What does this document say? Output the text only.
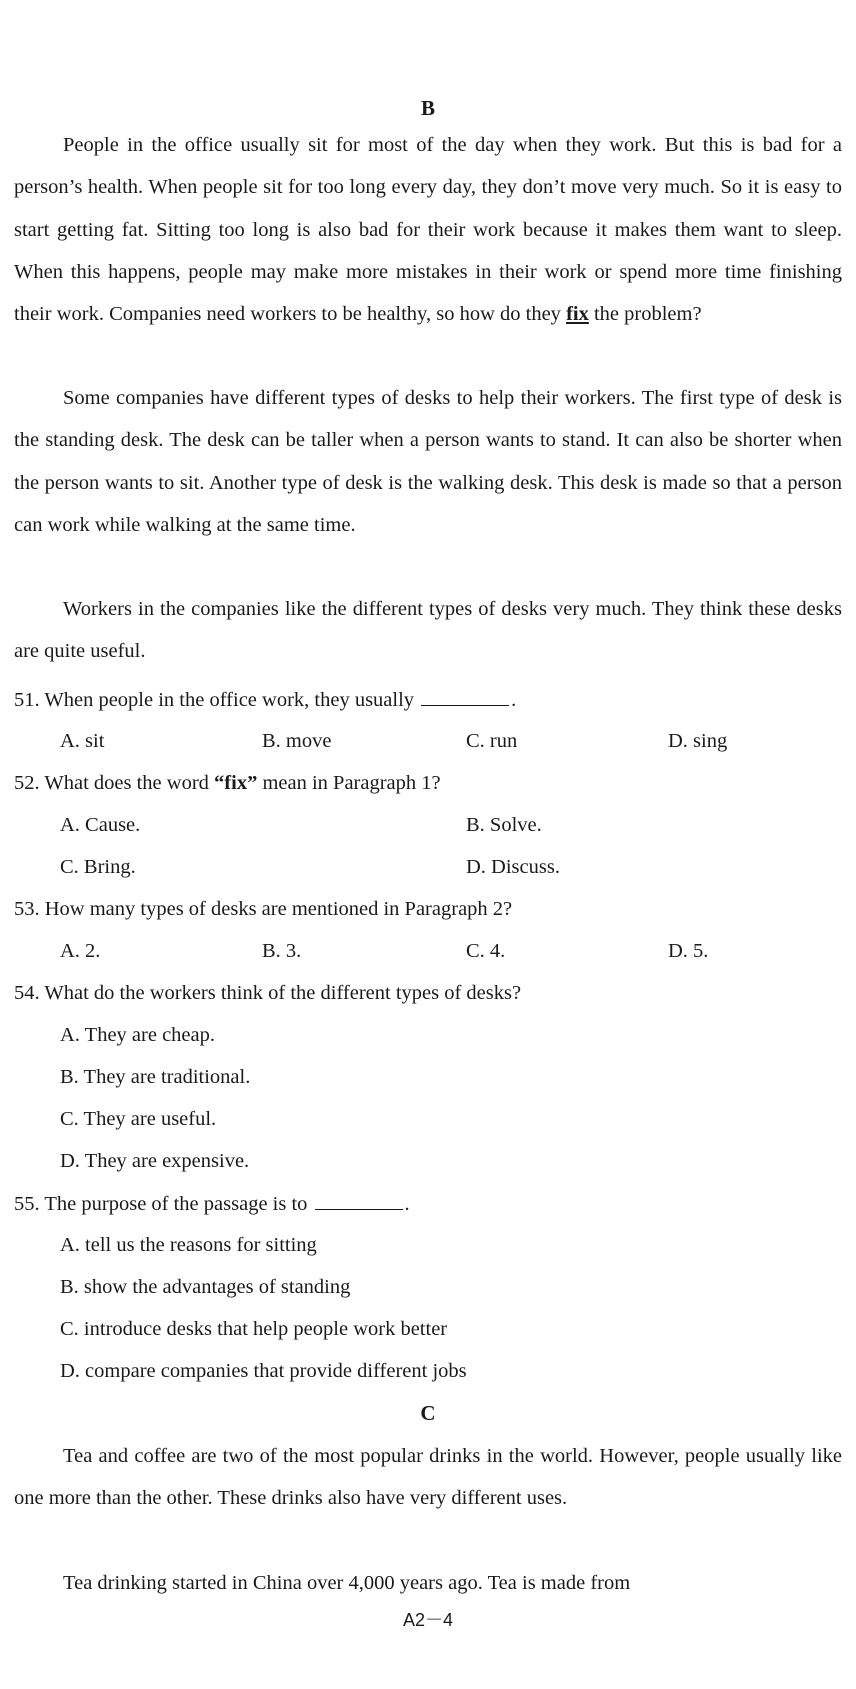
B

People in the office usually sit for most of the day when they work. But this is bad for a person’s health. When people sit for too long every day, they don’t move very much. So it is easy to start getting fat. Sitting too long is also bad for their work because it makes them want to sleep. When this happens, people may make more mistakes in their work or spend more time finishing their work. Companies need workers to be healthy, so how do they fix the problem?

Some companies have different types of desks to help their workers. The first type of desk is the standing desk. The desk can be taller when a person wants to stand. It can also be shorter when the person wants to sit. Another type of desk is the walking desk. This desk is made so that a person can work while walking at the same time.

Workers in the companies like the different types of desks very much. They think these desks are quite useful.

51. When people in the office work, they usually	.
A. sit	B. move	C. run	D. sing
52. What does the word “fix” mean in Paragraph 1?
A. Cause.	B. Solve.
C. Bring.	D. Discuss.
53. How many types of desks are mentioned in Paragraph 2?
A. 2.	B. 3.	C. 4.	D. 5.
54. What do the workers think of the different types of desks?
A. They are cheap.
B. They are traditional.
C. They are useful.
D. They are expensive.
55. The purpose of the passage is to	.
A. tell us the reasons for sitting
B. show the advantages of standing
C. introduce desks that help people work better
D. compare companies that provide different jobs
C

Tea and coffee are two of the most popular drinks in the world. However, people usually like one more than the other. These drinks also have very different uses.

Tea drinking started in China over 4,000 years ago. Tea is made from

A2－4
